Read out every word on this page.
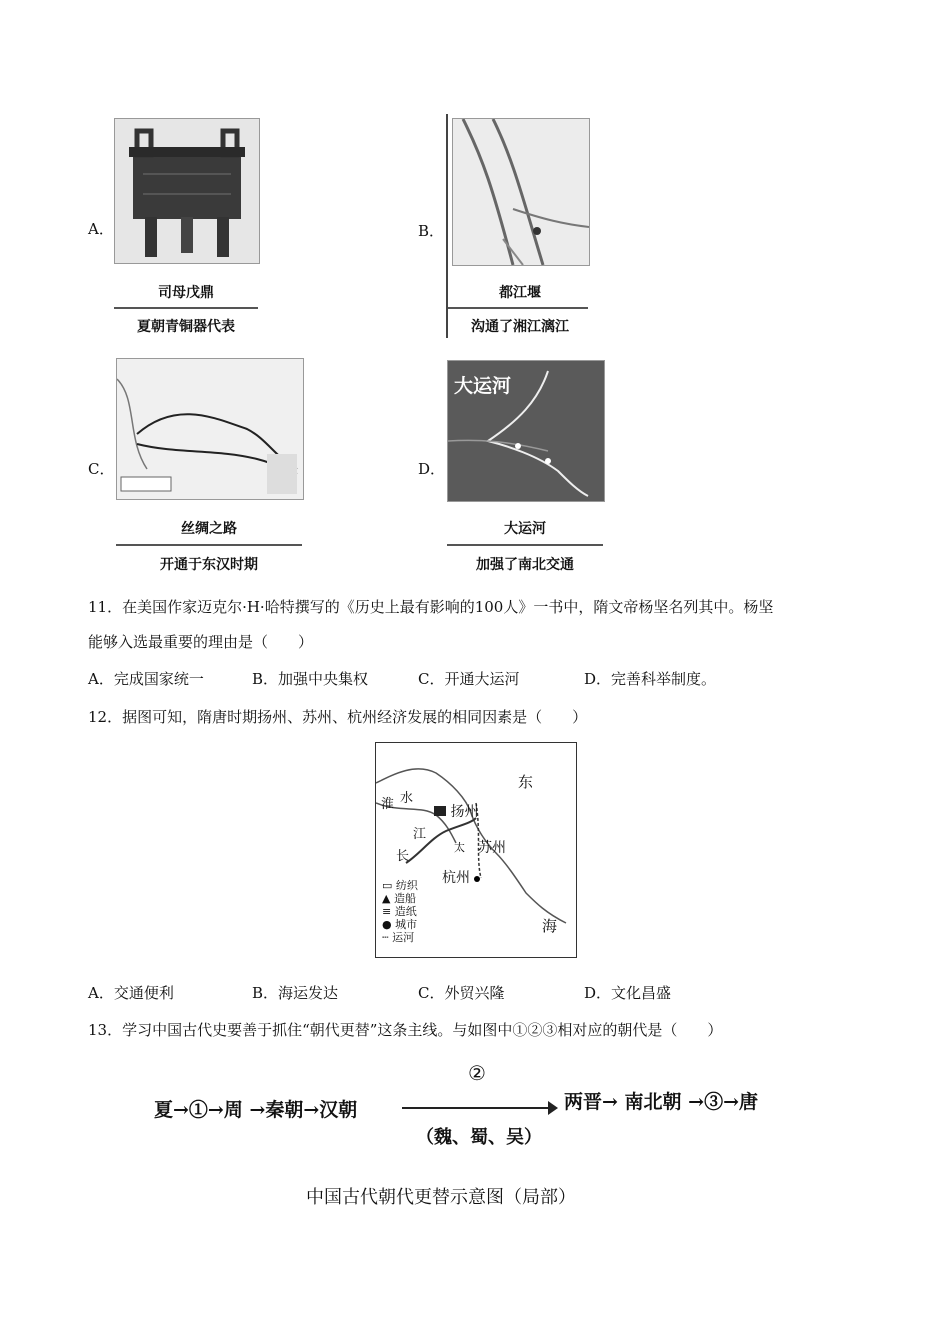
A．
司母戊鼎
夏朝青铜器代表
B．
都江堰
沟通了湘江漓江
C．
丝绸之路
开通于东汉时期
D．
大运河
大运河
加强了南北交通
11．在美国作家迈克尔·H·哈特撰写的《历史上最有影响的100人》一书中，隋文帝杨坚名列其中。杨坚
能够入选最重要的理由是（　　）
A．完成国家统一	B．加强中央集权	C．开通大运河	D．完善科举制度。
12．据图可知，隋唐时期扬州、苏州、杭州经济发展的相同因素是（　　）
东
海
淮 水
江
长
太
扬州
苏州
杭州
▭ 纺织
▲ 造船
≡ 造纸
● 城市
┄ 运河
A．交通便利	B．海运发达	C．外贸兴隆	D．文化昌盛
13．学习中国古代史要善于抓住“朝代更替”这条主线。与如图中①②③相对应的朝代是（　　）
夏→①→周 →秦朝→汉朝
②
（魏、蜀、吴）
两晋→ 南北朝 →③→唐
中国古代朝代更替示意图（局部）
